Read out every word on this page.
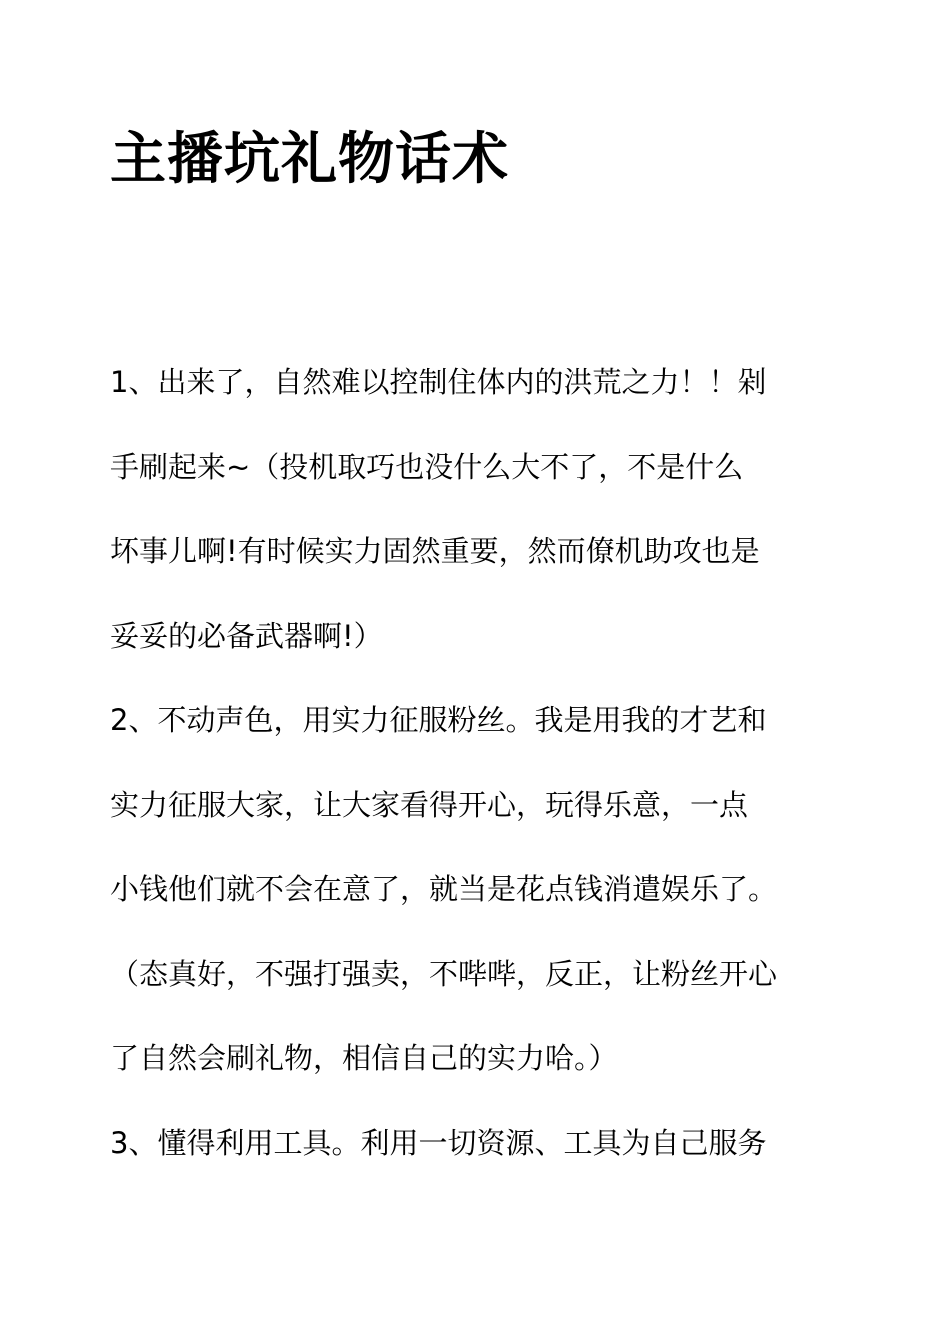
主播坑礼物话术
1、出来了，自然难以控制住体内的洪荒之力！！剁
手刷起来~（投机取巧也没什么大不了，不是什么
坏事儿啊!有时候实力固然重要，然而僚机助攻也是
妥妥的必备武器啊!）
2、不动声色，用实力征服粉丝。我是用我的才艺和
实力征服大家，让大家看得开心，玩得乐意，一点
小钱他们就不会在意了，就当是花点钱消遣娱乐了。
（态真好，不强打强卖，不哔哔，反正，让粉丝开心
了自然会刷礼物，相信自己的实力哈。）
3、懂得利用工具。利用一切资源、工具为自己服务
